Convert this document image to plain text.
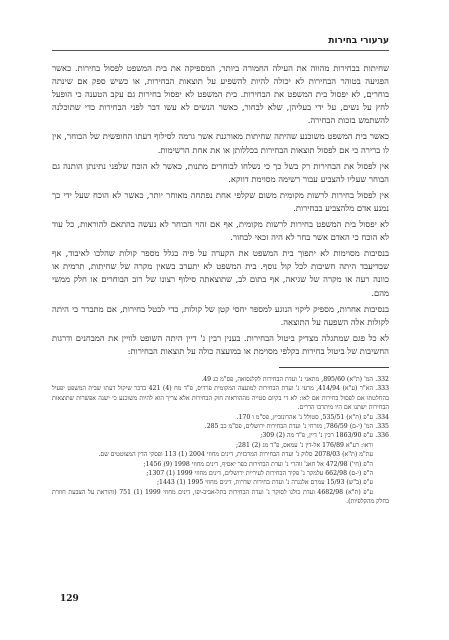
ערעורי בחירות

שחיתות בבחירות מהווה את העילה החמורה ביותר, המספיקה את בית המשפט לפסול בחירות. כאשר הפגיעה בטוהר הבחירות לא יכולה להיות להשפיע על תוצאות הבחירות, או כשיש ספק אם שינתה בוחרים, לא יפסול בית המשפט את הבחירות. בית המשפט לא יפסול בחירות גם עקב הטענה כי הופעל לחץ על נשים, על ידי בעליהן, שלא לבחור, כאשר הנשים לא עשו דבר לפני הבחירות כדי שתוכלנה להשתמש בזכות הבחירה.

כאשר בית המשפט משוכנע שהיתה שחיתות מאורגנת אשר גרמה לסילוף דעתו החופשית של הבוחר, אין לו ברירה כי אם לפסול תוצאות הבחירות בכללותן או את אחת הרשימות.

אין לפסול את הבחירות רק בשל כך כי נשלחו לבוחרים מתנות, כאשר לא הוכח שלפני נתינתן הותנה גם הבוחר שעליו להצביע עבור רשימה מסוימת דווקא.

אין לפסול בחירות לרשות מקומית משום שקלפי אחת נפתחה מאוחר יותר, כאשר לא הוכח שעל ידי כך נמנע אדם מלהצביע בבחירות.

לא יפסול בית המשפט בחירות לרשות מקומית, אף אם זהוי הבוחר לא נעשה בהתאם להוראות, כל עוד לא הוכח כי האדם אשר בחר לא היה זכאי לבחור.

בנסיבות מסוימות לא יתפוך בית המשפט את הקערה על פיה בגלל מספר קולות שהלכו לאיבוד, אף שבדיעבד היתה חשיבות לכל קול נוסף. בית המשפט לא יתערב בשאין מקרה של שחיתות, תרמית או כוונה רעה או מקרה של שגיאה, אף בתום לב, שתוצאתה סילוף רצונו של רוב הבוחרים או חלק ממשי מהם.

בנסיבות אחרות, מספיק ליקוי הנוגע למספר יחסי קטן של קולות, כדי לבטל בחירות, אם מתברר כי היתה לקולות אלה השפעה על התוצאה.

לא כל פגם שמתגלה מצדיק ביטול הבחירות. בענין רבין נ' דיין היתה השופט לוויין את המבחנים ודרגות החשיבות של ביטול בחירות בקלפי מסוימת או במועצה כולה על תוצאות הבחירות:

332.המ' (ת"א) 895/60, מתאני נ' ועדת הבחירות לקלנסואה, פס"מ כג 49.

333.הא"ר (ע"א) 414/94, מרעי נ' ועדת הבחירות למועצה המקומית פרדיס, פ"ד מח (4) 421 בדבר שיקול דעתו שבית המשפט יפעיל בהחלטתו אם לפסול בחירות אם לאו: לא די בקיום סטייה מההוראות חוק הבחירות אלא צריך הוא להיות משוכנע כי ישנה אפשרות שתוצאות הבחירות ישתנו אם היו מיתרבו הדרים.

334.ע"פ (ת"א) 535/51, סטולל נ' אהרונוביץ, פס"מ ו 170.

335.המ' (י-ם) 786/59, מזרחי נ' ועדת הבחירות ירושלים, פס"מ כב 285.

336.ע"פ 1863/90 רבין נ' דיין, פ"ד מה (2) 309;

וראו: רע"א 176/89 אל-דין נ' עמאס, פ"ד מג (2) 281;

עת"מ (ת"א) 2078/03 סלוק נ' ועדת הבחירות המרכזית, דינים מחוזי 2004 (1) 113 ופסקי הדין המצוטטים שם.

ה"פ (חי') 472/98 אל חאג' זוהרי נ' ועדת הבחירות כפר יאסיף, דינים מחוזי 1998 (9) 1456;

ה"פ (י-ם) 662/98 עלמקר נ' פקיד הבחירות לעיריית ירושלים, דינים מחוזי 1999 (1) 1307;

ע"פ (ב"ש) 15/93 עמרם אלנגרה נ' ועדת בחירות שדרות, דינים מחוזי 1995 (1) 1443;

ע"פ (ת"א) 4682/98 ועדת כולנו לסוקר נ' ועדת הבחירות בתל-אביב-יפו, דינים מחוזי 1999 (1) 751 (והוראת על הצבעת חוזרת בחלק מהקלפיות).

129
